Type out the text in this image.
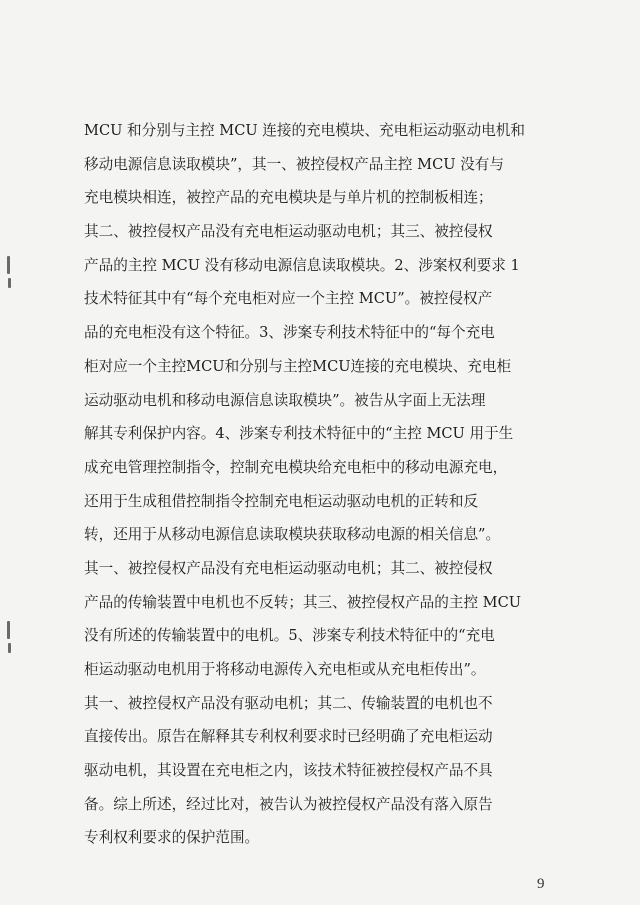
MCU 和分别与主控 MCU 连接的充电模块、充电柜运动驱动电机和
移动电源信息读取模块”，其一、被控侵权产品主控 MCU 没有与
充电模块相连，被控产品的充电模块是与单片机的控制板相连；
其二、被控侵权产品没有充电柜运动驱动电机；其三、被控侵权
产品的主控 MCU 没有移动电源信息读取模块。2、涉案权利要求 1
技术特征其中有“每个充电柜对应一个主控 MCU”。被控侵权产
品的充电柜没有这个特征。3、涉案专利技术特征中的“每个充电
柜对应一个主控MCU和分别与主控MCU连接的充电模块、充电柜
运动驱动电机和移动电源信息读取模块”。被告从字面上无法理
解其专利保护内容。4、涉案专利技术特征中的“主控 MCU 用于生
成充电管理控制指令，控制充电模块给充电柜中的移动电源充电，
还用于生成租借控制指令控制充电柜运动驱动电机的正转和反
转，还用于从移动电源信息读取模块获取移动电源的相关信息”。
其一、被控侵权产品没有充电柜运动驱动电机；其二、被控侵权
产品的传输装置中电机也不反转；其三、被控侵权产品的主控 MCU
没有所述的传输装置中的电机。5、涉案专利技术特征中的“充电
柜运动驱动电机用于将移动电源传入充电柜或从充电柜传出”。
其一、被控侵权产品没有驱动电机；其二、传输装置的电机也不
直接传出。原告在解释其专利权利要求时已经明确了充电柜运动
驱动电机，其设置在充电柜之内，该技术特征被控侵权产品不具
备。综上所述，经过比对，被告认为被控侵权产品没有落入原告
专利权利要求的保护范围。
9
